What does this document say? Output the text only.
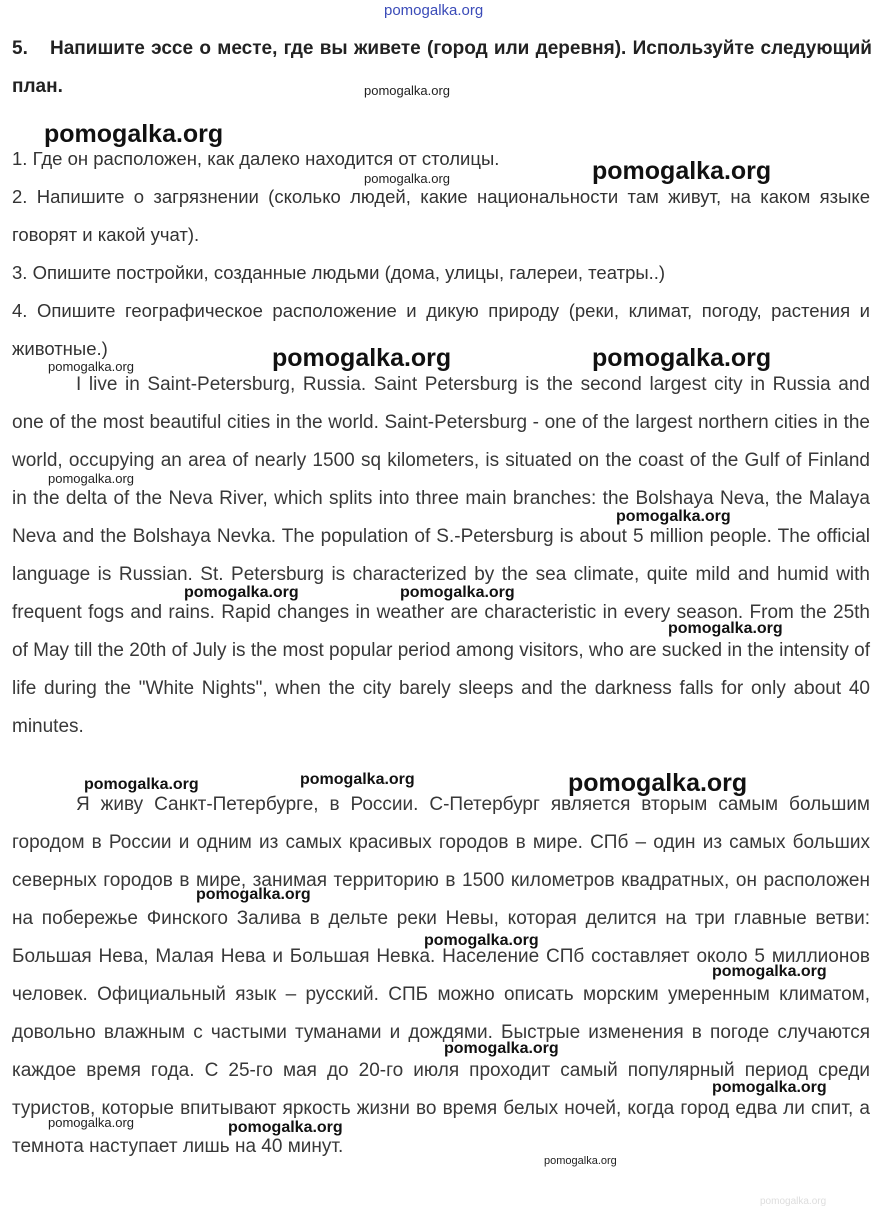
pomogalka.org
5. Напишите эссе о месте, где вы живете (город или деревня). Используйте следующий план.
1. Где он расположен, как далеко находится от столицы.
2. Напишите о загрязнении (сколько людей, какие национальности там живут, на каком языке говорят и какой учат).
3. Опишите постройки, созданные людьми (дома, улицы, галереи, театры..)
4. Опишите географическое расположение и дикую природу (реки, климат, погоду, растения и животные.)

I live in Saint-Petersburg, Russia. Saint Petersburg is the second largest city in Russia and one of the most beautiful cities in the world. Saint-Petersburg - one of the largest northern cities in the world, occupying an area of nearly 1500 sq kilometers, is situated on the coast of the Gulf of Finland in the delta of the Neva River, which splits into three main branches: the Bolshaya Neva, the Malaya Neva and the Bolshaya Nevka. The population of S.-Petersburg is about 5 million people. The official language is Russian. St. Petersburg is characterized by the sea climate, quite mild and humid with frequent fogs and rains. Rapid changes in weather are characteristic in every season. From the 25th of May till the 20th of July is the most popular period among visitors, who are sucked in the intensity of life during the "White Nights", when the city barely sleeps and the darkness falls for only about 40 minutes.

Я живу Санкт-Петербурге, в России. С-Петербург является вторым самым большим городом в России и одним из самых красивых городов в мире. СПб – один из самых больших северных городов в мире, занимая территорию в 1500 километров квадратных, он расположен на побережье Финского Залива в дельте реки Невы, которая делится на три главные ветви: Большая Нева, Малая Нева и Большая Невка. Население СПб составляет около 5 миллионов человек. Официальный язык – русский. СПБ можно описать морским умеренным климатом, довольно влажным с частыми туманами и дождями. Быстрые изменения в погоде случаются каждое время года. С 25-го мая до 20-го июля проходит самый популярный период среди туристов, которые впитывают яркость жизни во время белых ночей, когда город едва ли спит, а темнота наступает лишь на 40 минут.

pomogalka.org
pomogalka.org
pomogalka.org	pomogalka.org
pomogalka.org	pomogalka.org
pomogalka.org
pomogalka.org
pomogalka.org
pomogalka.org	pomogalka.org
pomogalka.org
pomogalka.org	pomogalka.org	pomogalka.org
pomogalka.org
pomogalka.org
pomogalka.org
pomogalka.org
pomogalka.org
pomogalka.org	pomogalka.org
pomogalka.org
pomogalka.org
